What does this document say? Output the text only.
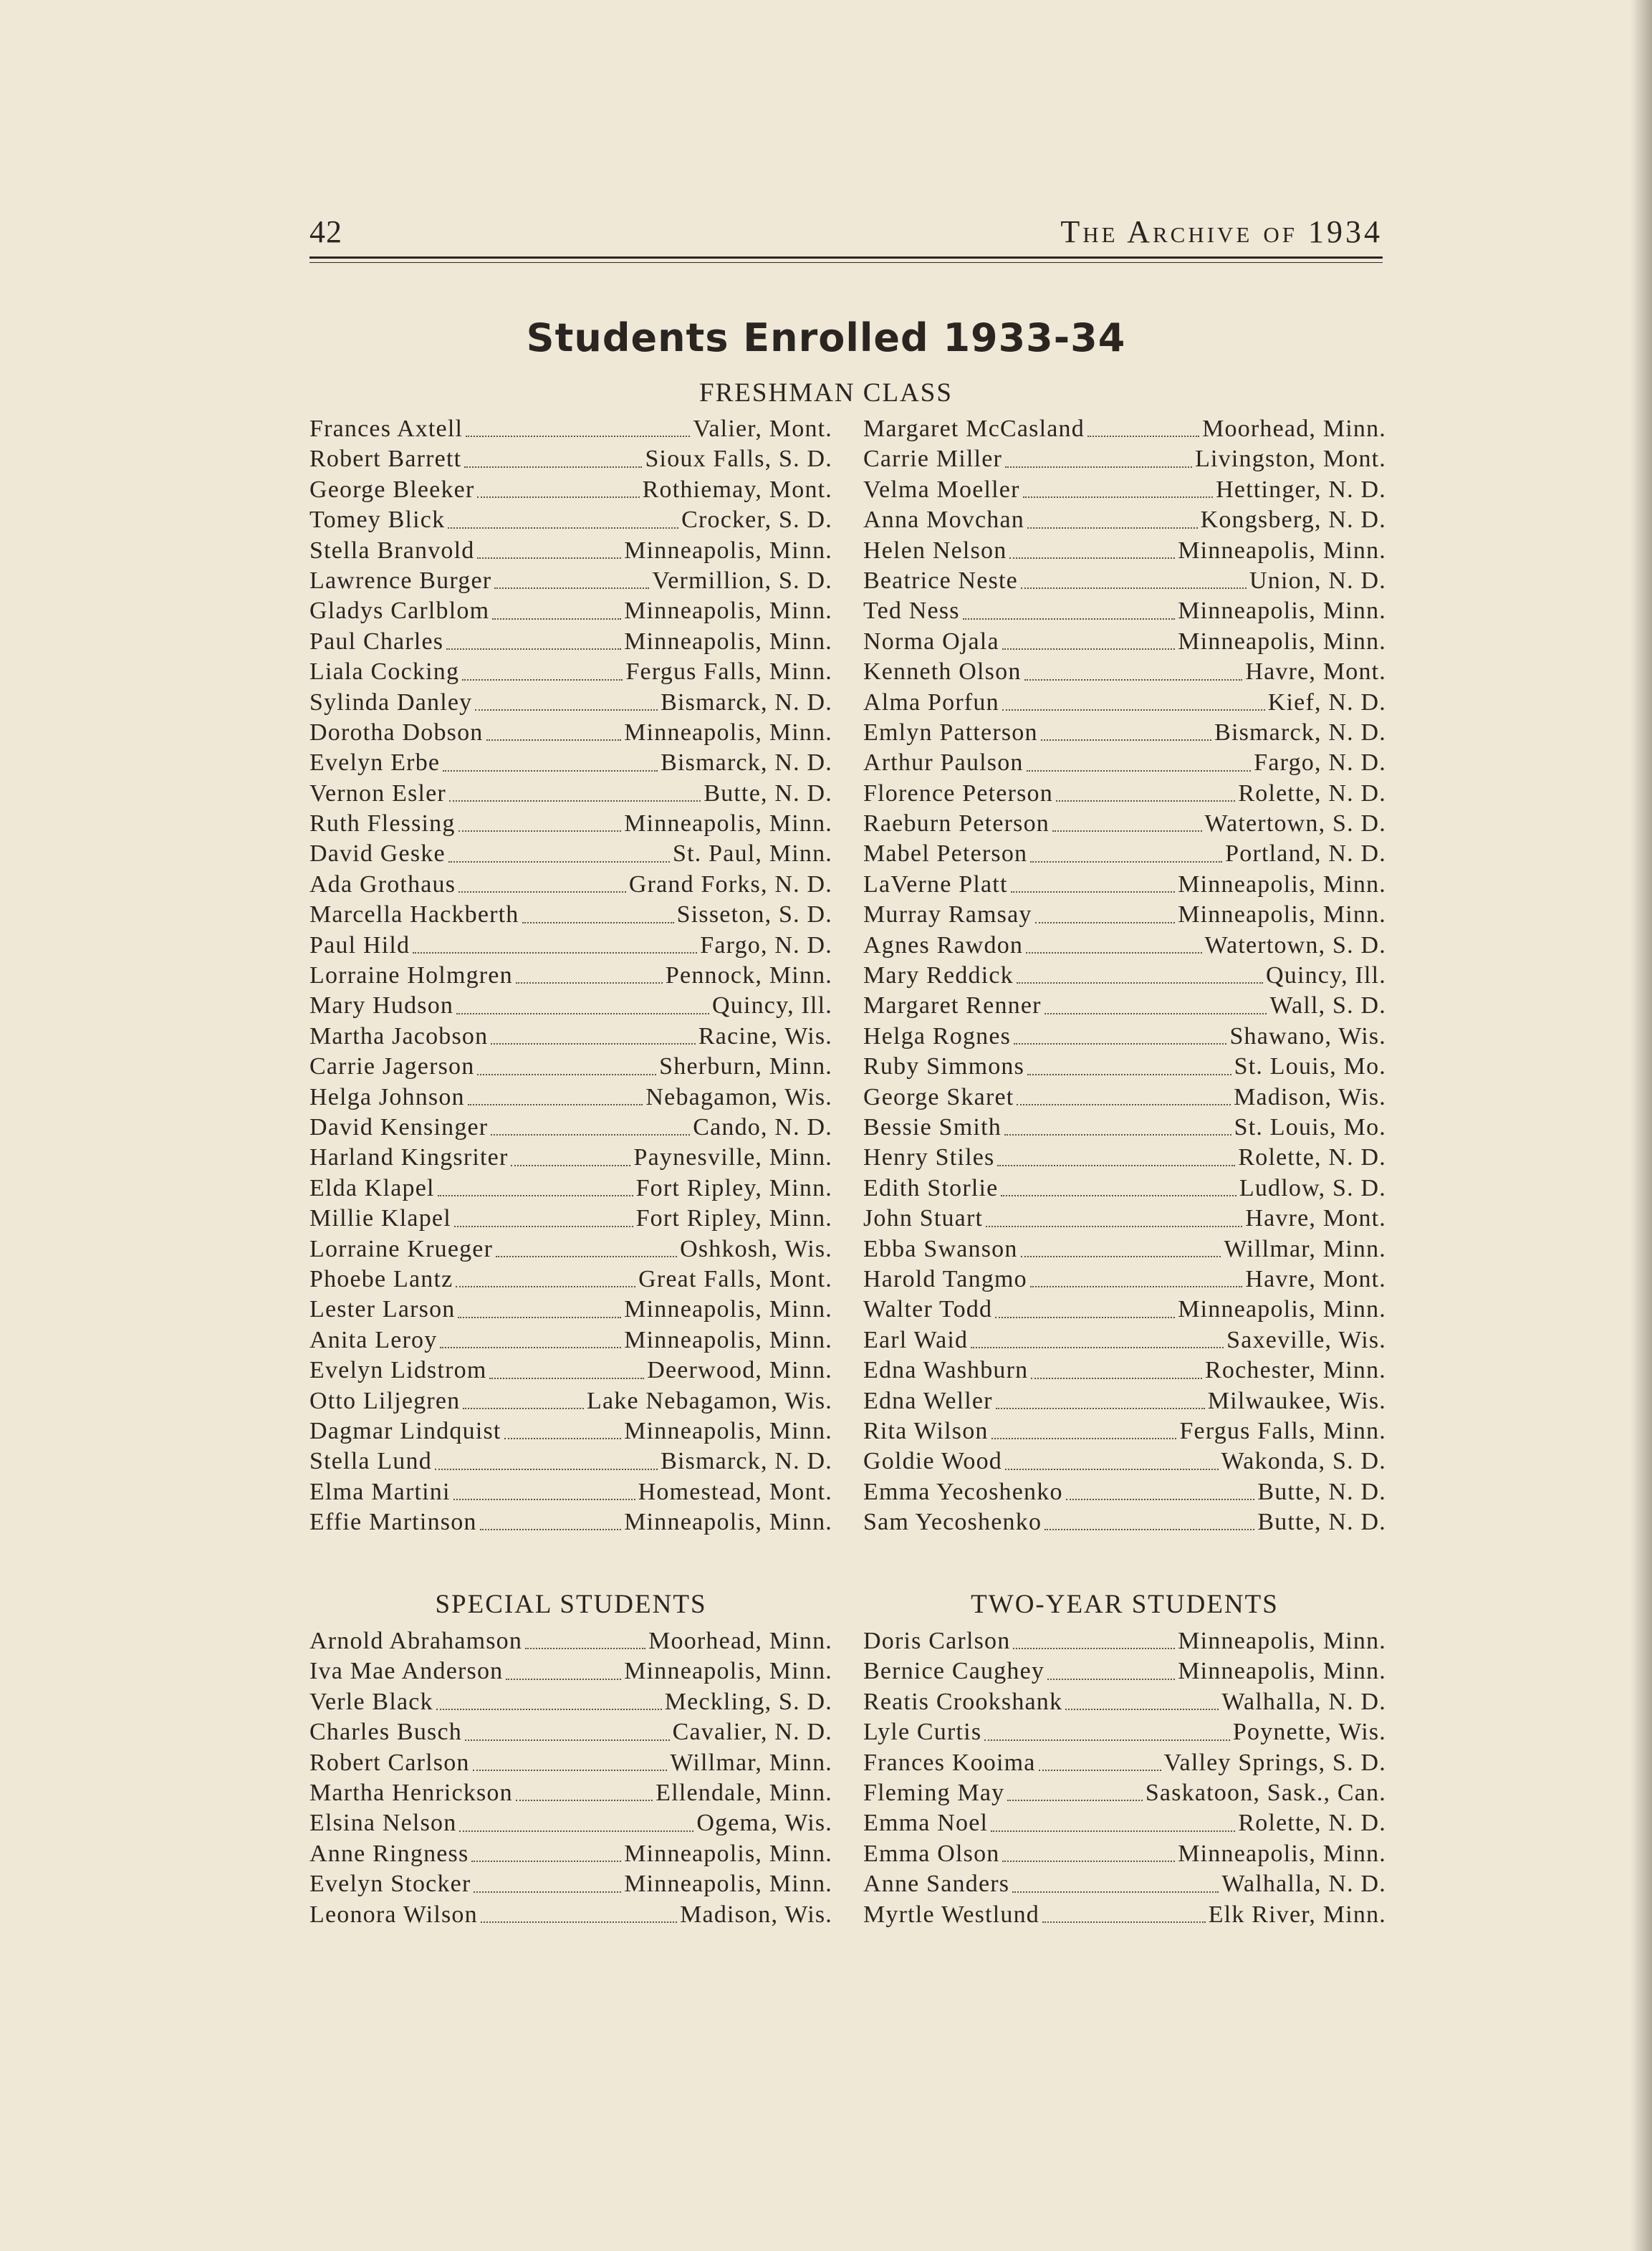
42	The Archive of 1934
Students Enrolled 1933-34
FRESHMAN CLASS
Frances Axtell	Valier, Mont.
Robert Barrett	Sioux Falls, S. D.
George Bleeker	Rothiemay, Mont.
Tomey Blick	Crocker, S. D.
Stella Branvold	Minneapolis, Minn.
Lawrence Burger	Vermillion, S. D.
Gladys Carlblom	Minneapolis, Minn.
Paul Charles	Minneapolis, Minn.
Liala Cocking	Fergus Falls, Minn.
Sylinda Danley	Bismarck, N. D.
Dorotha Dobson	Minneapolis, Minn.
Evelyn Erbe	Bismarck, N. D.
Vernon Esler	Butte, N. D.
Ruth Flessing	Minneapolis, Minn.
David Geske	St. Paul, Minn.
Ada Grothaus	Grand Forks, N. D.
Marcella Hackberth	Sisseton, S. D.
Paul Hild	Fargo, N. D.
Lorraine Holmgren	Pennock, Minn.
Mary Hudson	Quincy, Ill.
Martha Jacobson	Racine, Wis.
Carrie Jagerson	Sherburn, Minn.
Helga Johnson	Nebagamon, Wis.
David Kensinger	Cando, N. D.
Harland Kingsriter	Paynesville, Minn.
Elda Klapel	Fort Ripley, Minn.
Millie Klapel	Fort Ripley, Minn.
Lorraine Krueger	Oshkosh, Wis.
Phoebe Lantz	Great Falls, Mont.
Lester Larson	Minneapolis, Minn.
Anita Leroy	Minneapolis, Minn.
Evelyn Lidstrom	Deerwood, Minn.
Otto Liljegren	Lake Nebagamon, Wis.
Dagmar Lindquist	Minneapolis, Minn.
Stella Lund	Bismarck, N. D.
Elma Martini	Homestead, Mont.
Effie Martinson	Minneapolis, Minn.
Margaret McCasland	Moorhead, Minn.
Carrie Miller	Livingston, Mont.
Velma Moeller	Hettinger, N. D.
Anna Movchan	Kongsberg, N. D.
Helen Nelson	Minneapolis, Minn.
Beatrice Neste	Union, N. D.
Ted Ness	Minneapolis, Minn.
Norma Ojala	Minneapolis, Minn.
Kenneth Olson	Havre, Mont.
Alma Porfun	Kief, N. D.
Emlyn Patterson	Bismarck, N. D.
Arthur Paulson	Fargo, N. D.
Florence Peterson	Rolette, N. D.
Raeburn Peterson	Watertown, S. D.
Mabel Peterson	Portland, N. D.
LaVerne Platt	Minneapolis, Minn.
Murray Ramsay	Minneapolis, Minn.
Agnes Rawdon	Watertown, S. D.
Mary Reddick	Quincy, Ill.
Margaret Renner	Wall, S. D.
Helga Rognes	Shawano, Wis.
Ruby Simmons	St. Louis, Mo.
George Skaret	Madison, Wis.
Bessie Smith	St. Louis, Mo.
Henry Stiles	Rolette, N. D.
Edith Storlie	Ludlow, S. D.
John Stuart	Havre, Mont.
Ebba Swanson	Willmar, Minn.
Harold Tangmo	Havre, Mont.
Walter Todd	Minneapolis, Minn.
Earl Waid	Saxeville, Wis.
Edna Washburn	Rochester, Minn.
Edna Weller	Milwaukee, Wis.
Rita Wilson	Fergus Falls, Minn.
Goldie Wood	Wakonda, S. D.
Emma Yecoshenko	Butte, N. D.
Sam Yecoshenko	Butte, N. D.
SPECIAL STUDENTS	TWO-YEAR STUDENTS
Arnold Abrahamson	Moorhead, Minn.
Iva Mae Anderson	Minneapolis, Minn.
Verle Black	Meckling, S. D.
Charles Busch	Cavalier, N. D.
Robert Carlson	Willmar, Minn.
Martha Henrickson	Ellendale, Minn.
Elsina Nelson	Ogema, Wis.
Anne Ringness	Minneapolis, Minn.
Evelyn Stocker	Minneapolis, Minn.
Leonora Wilson	Madison, Wis.
Doris Carlson	Minneapolis, Minn.
Bernice Caughey	Minneapolis, Minn.
Reatis Crookshank	Walhalla, N. D.
Lyle Curtis	Poynette, Wis.
Frances Kooima	Valley Springs, S. D.
Fleming May	Saskatoon, Sask., Can.
Emma Noel	Rolette, N. D.
Emma Olson	Minneapolis, Minn.
Anne Sanders	Walhalla, N. D.
Myrtle Westlund	Elk River, Minn.
